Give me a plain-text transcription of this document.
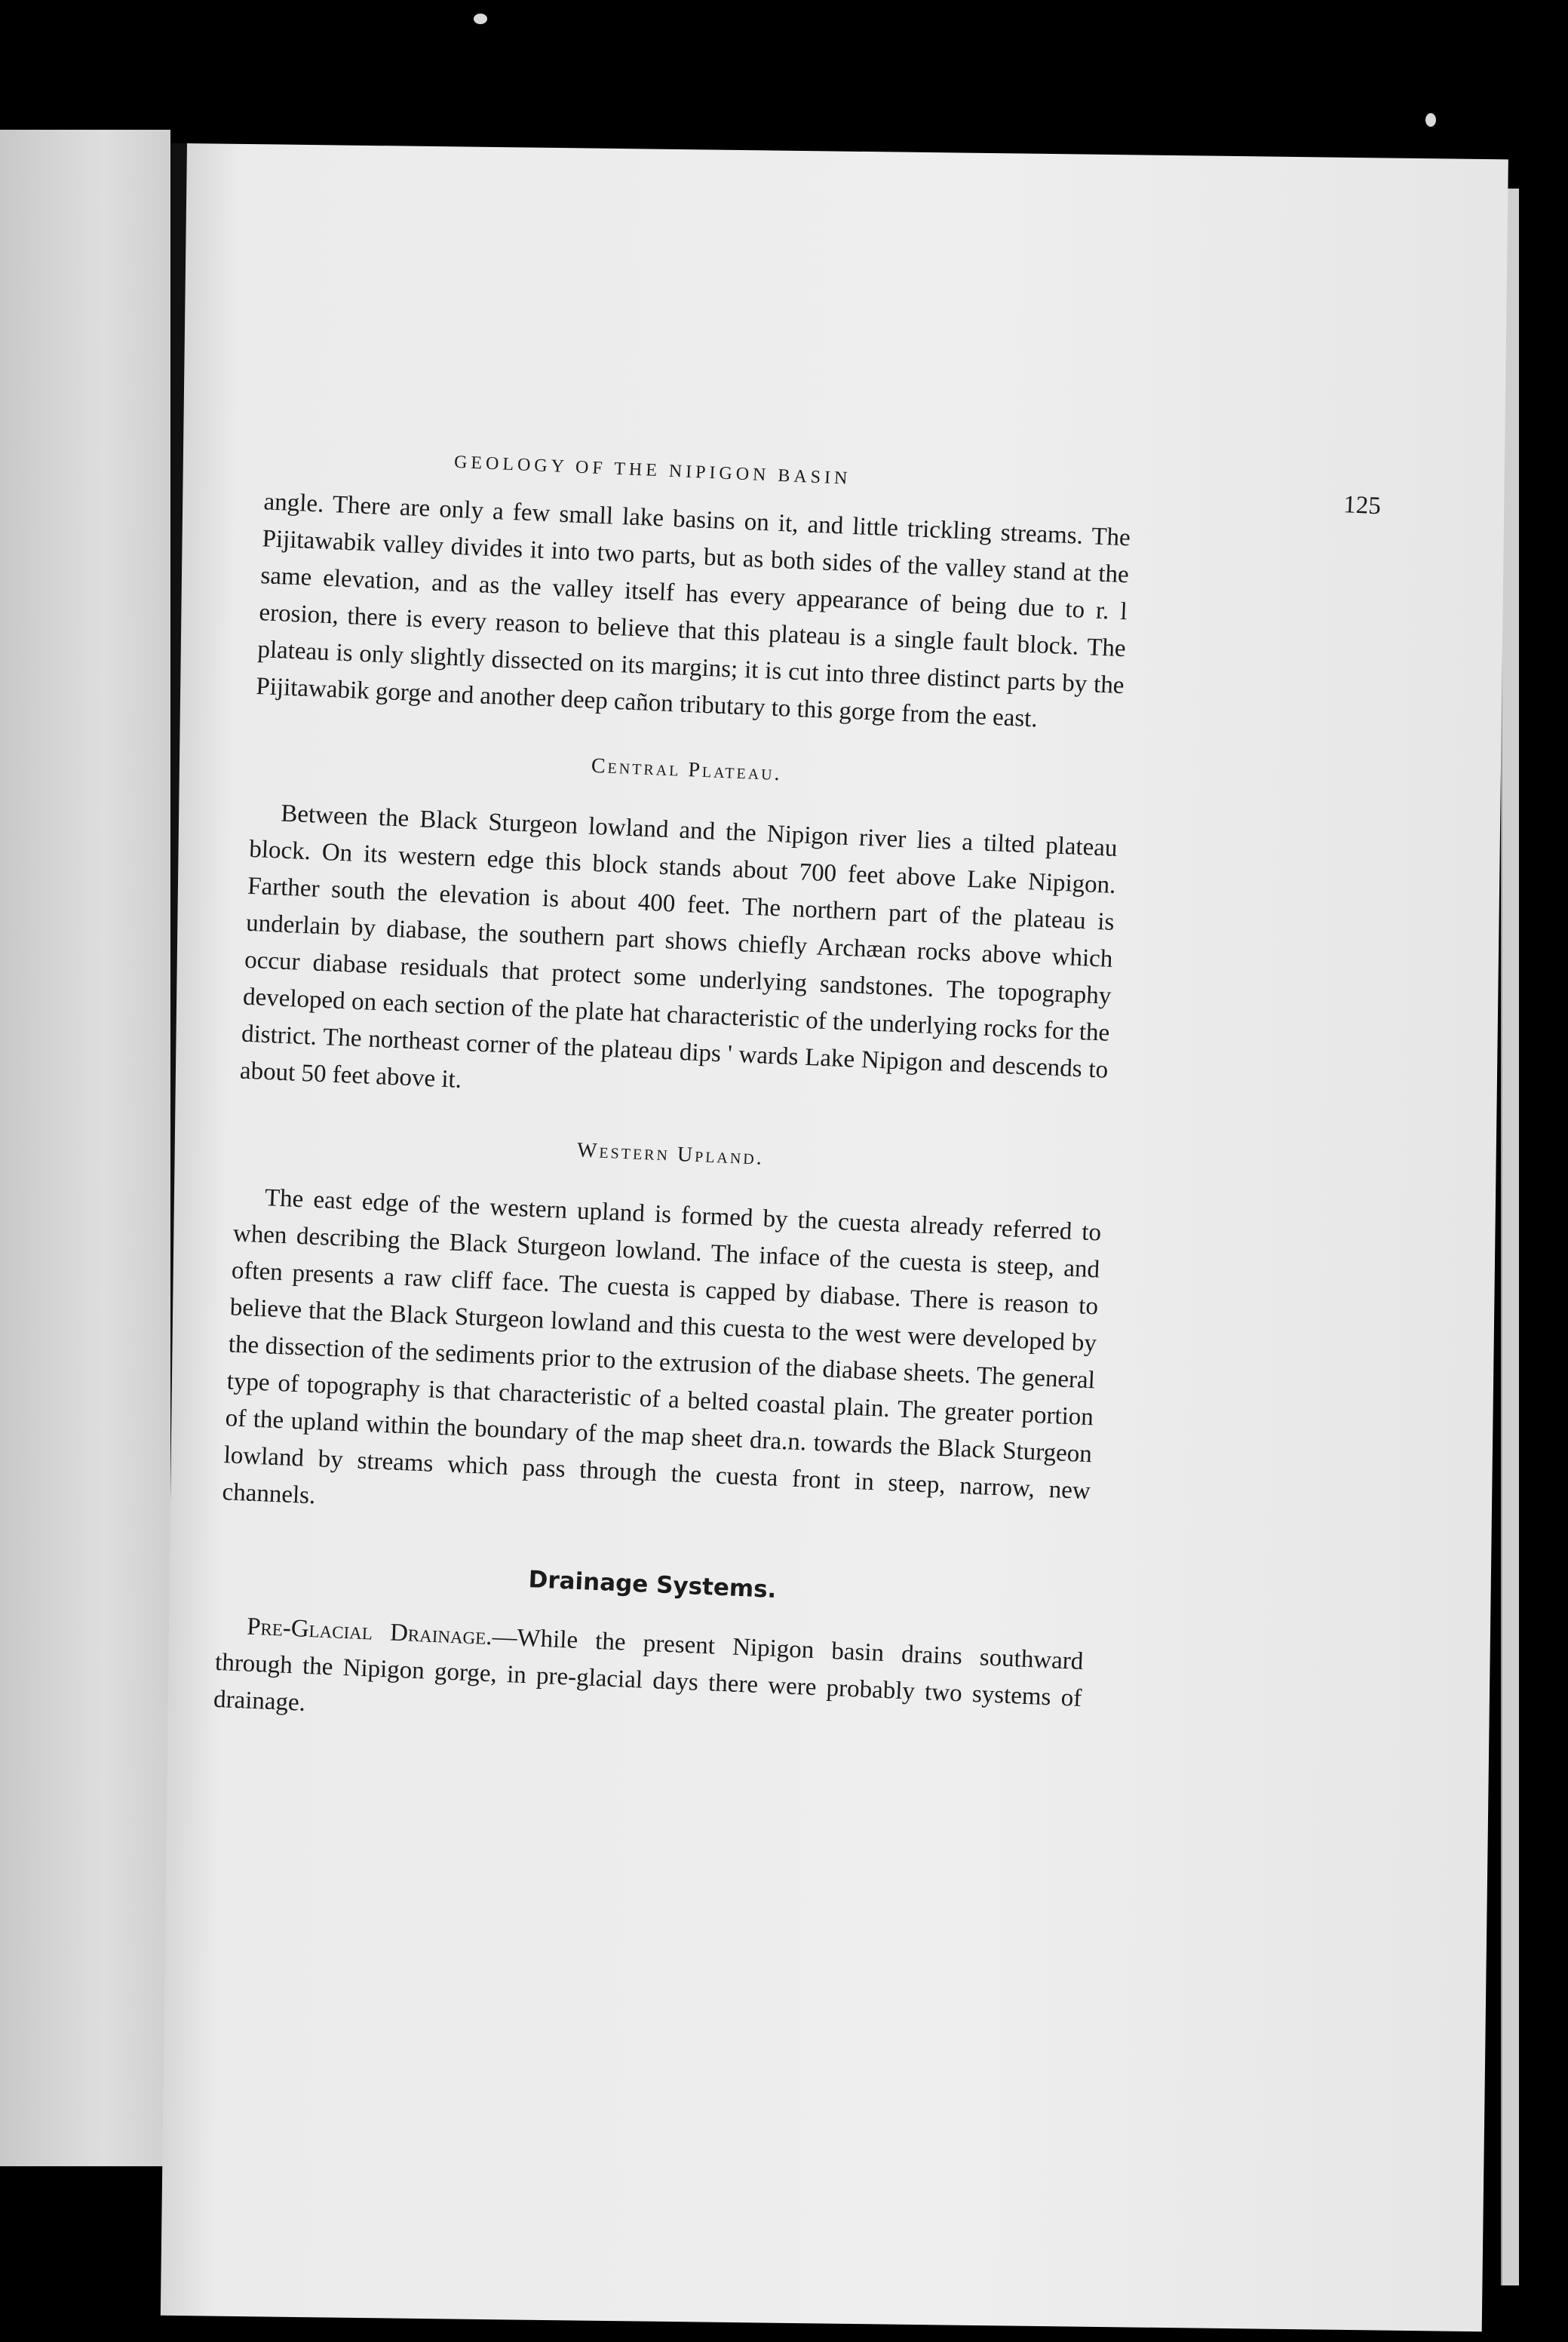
GEOLOGY OF THE NIPIGON BASIN
125

angle. There are only a few small lake basins on it, and little trickling streams. The Pijitawabik valley divides it into two parts, but as both sides of the valley stand at the same elevation, and as the valley itself has every appearance of being due to r. l erosion, there is every reason to believe that this plateau is a single fault block. The plateau is only slightly dissected on its margins; it is cut into three distinct parts by the Pijitawabik gorge and another deep cañon tributary to this gorge from the east.

Central Plateau.

Between the Black Sturgeon lowland and the Nipigon river lies a tilted plateau block. On its western edge this block stands about 700 feet above Lake Nipigon. Farther south the elevation is about 400 feet. The northern part of the plateau is underlain by diabase, the southern part shows chiefly Archæan rocks above which occur diabase residuals that protect some underlying sandstones. The topography developed on each section of the plate hat characteristic of the underlying rocks for the district. The northeast corner of the plateau dips ' wards Lake Nipigon and descends to about 50 feet above it.

Western Upland.

The east edge of the western upland is formed by the cuesta already referred to when describing the Black Sturgeon lowland. The inface of the cuesta is steep, and often presents a raw cliff face. The cuesta is capped by diabase. There is reason to believe that the Black Sturgeon lowland and this cuesta to the west were developed by the dissection of the sediments prior to the extrusion of the diabase sheets. The general type of topography is that characteristic of a belted coastal plain. The greater portion of the upland within the boundary of the map sheet dra.n. towards the Black Sturgeon lowland by streams which pass through the cuesta front in steep, narrow, new channels.

Drainage Systems.

Pre-Glacial Drainage.—While the present Nipigon basin drains southward through the Nipigon gorge, in pre-glacial days there were probably two systems of drainage.
